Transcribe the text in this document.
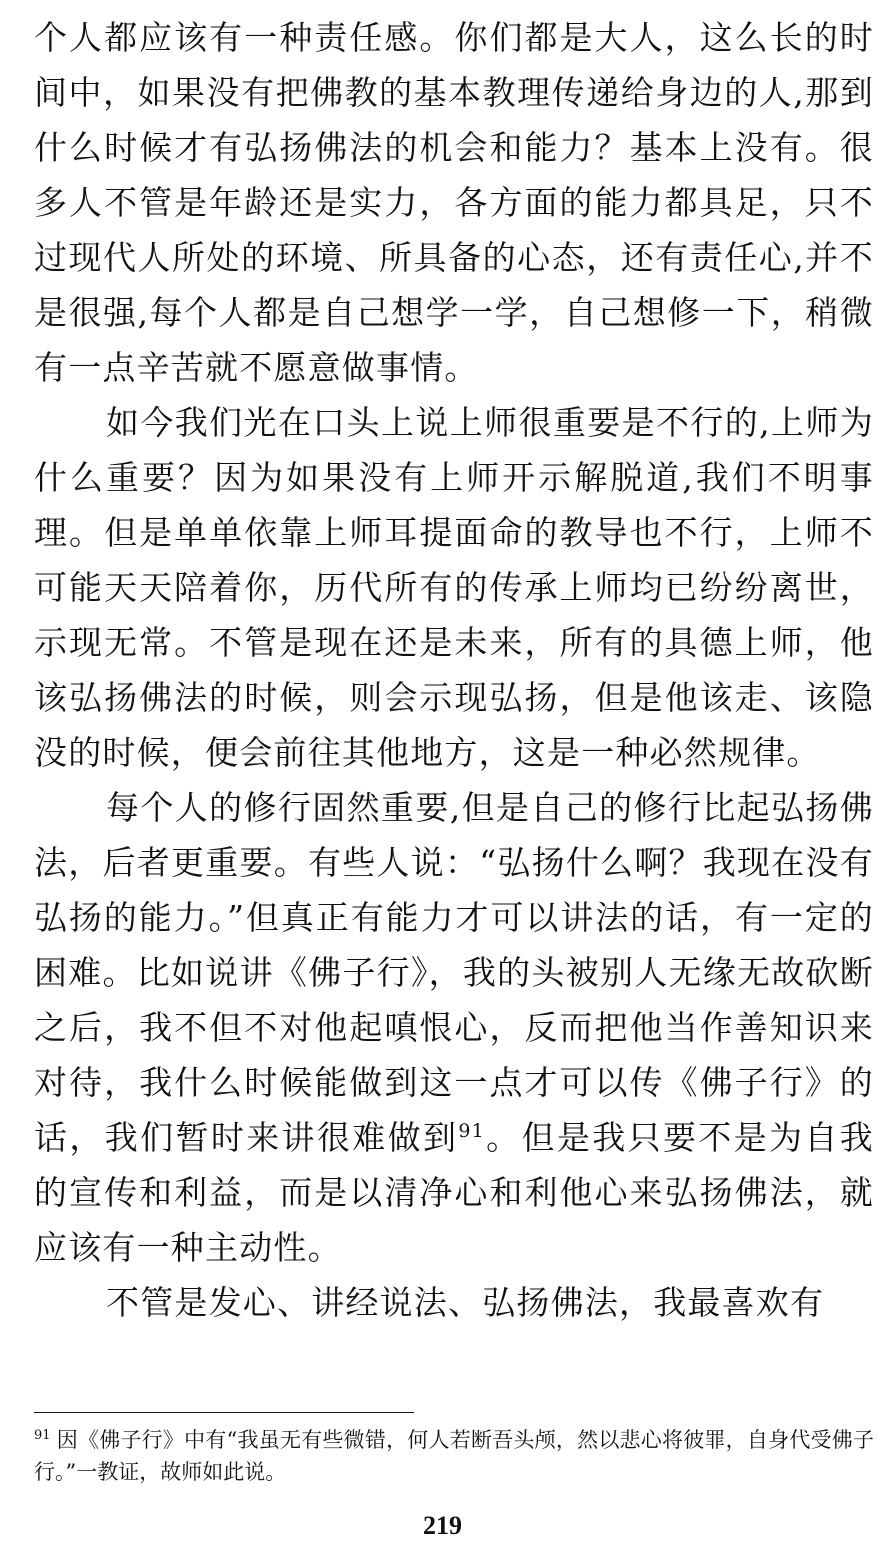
个人都应该有一种责任感。你们都是大人，这么长的时间中，如果没有把佛教的基本教理传递给身边的人,那到什么时候才有弘扬佛法的机会和能力？基本上没有。很多人不管是年龄还是实力，各方面的能力都具足，只不过现代人所处的环境、所具备的心态，还有责任心,并不是很强,每个人都是自己想学一学，自己想修一下，稍微有一点辛苦就不愿意做事情。

如今我们光在口头上说上师很重要是不行的,上师为什么重要？因为如果没有上师开示解脱道,我们不明事理。但是单单依靠上师耳提面命的教导也不行，上师不可能天天陪着你，历代所有的传承上师均已纷纷离世，示现无常。不管是现在还是未来，所有的具德上师，他该弘扬佛法的时候，则会示现弘扬，但是他该走、该隐没的时候，便会前往其他地方，这是一种必然规律。

每个人的修行固然重要,但是自己的修行比起弘扬佛法，后者更重要。有些人说：“弘扬什么啊？我现在没有弘扬的能力。”但真正有能力才可以讲法的话，有一定的困难。比如说讲《佛子行》，我的头被别人无缘无故砍断之后，我不但不对他起嗔恨心，反而把他当作善知识来对待，我什么时候能做到这一点才可以传《佛子行》的话，我们暂时来讲很难做到$^{91}$。但是我只要不是为自我的宣传和利益，而是以清净心和利他心来弘扬佛法，就应该有一种主动性。

不管是发心、讲经说法、弘扬佛法，我最喜欢有

$^{91}$ 因《佛子行》中有“我虽无有些微错，何人若断吾头颅，然以悲心将彼罪，自身代受佛子行。”一教证，故师如此说。
219
